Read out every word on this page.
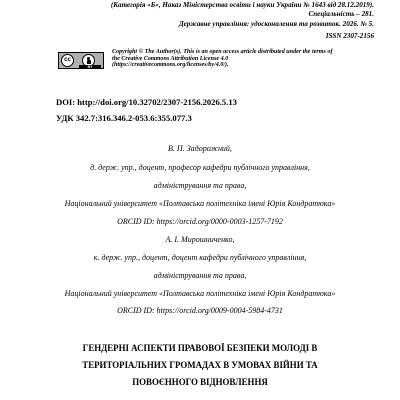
(Категорія «Б», Наказ Міністерства освіти і науки України № 1643 від 28.12.2019).
Спеціальність – 281.
Державне управління: удосконалення та розвиток. 2026. № 5.
ISSN 2307-2156
cc
BY
Copyright © The Author(s). This is an open access article distributed under the terms of
the Creative Commons Attribution License 4.0
(https://creativecommons.org/licenses/by/4.0/).
DOI: http://doi.org/10.32702/2307-2156.2026.5.13
УДК 342.7:316.346.2-053.6:355.077.3
В. П. Задорожний,
д. держ. упр., доцент, професор кафедри публічного управління,
адміністрування та права,
Національний університет «Полтавська політехніка імені Юрія Кондратюка»
ORCID ID: https://orcid.org/0000-0003-1257-7192
А. І. Мирошниченко,
к. держ. упр., доцент, доцент кафедри публічного управління,
адміністрування та права,
Національний університет «Полтавська політехніка імені Юрія Кондратюка»
ORCID ID: https://orcid.org/0009-0004-5984-4731
ГЕНДЕРНІ АСПЕКТИ ПРАВОВОЇ БЕЗПЕКИ МОЛОДІ В
ТЕРИТОРІАЛЬНИХ ГРОМАДАХ В УМОВАХ ВІЙНИ ТА
ПОВОЄННОГО ВІДНОВЛЕННЯ
